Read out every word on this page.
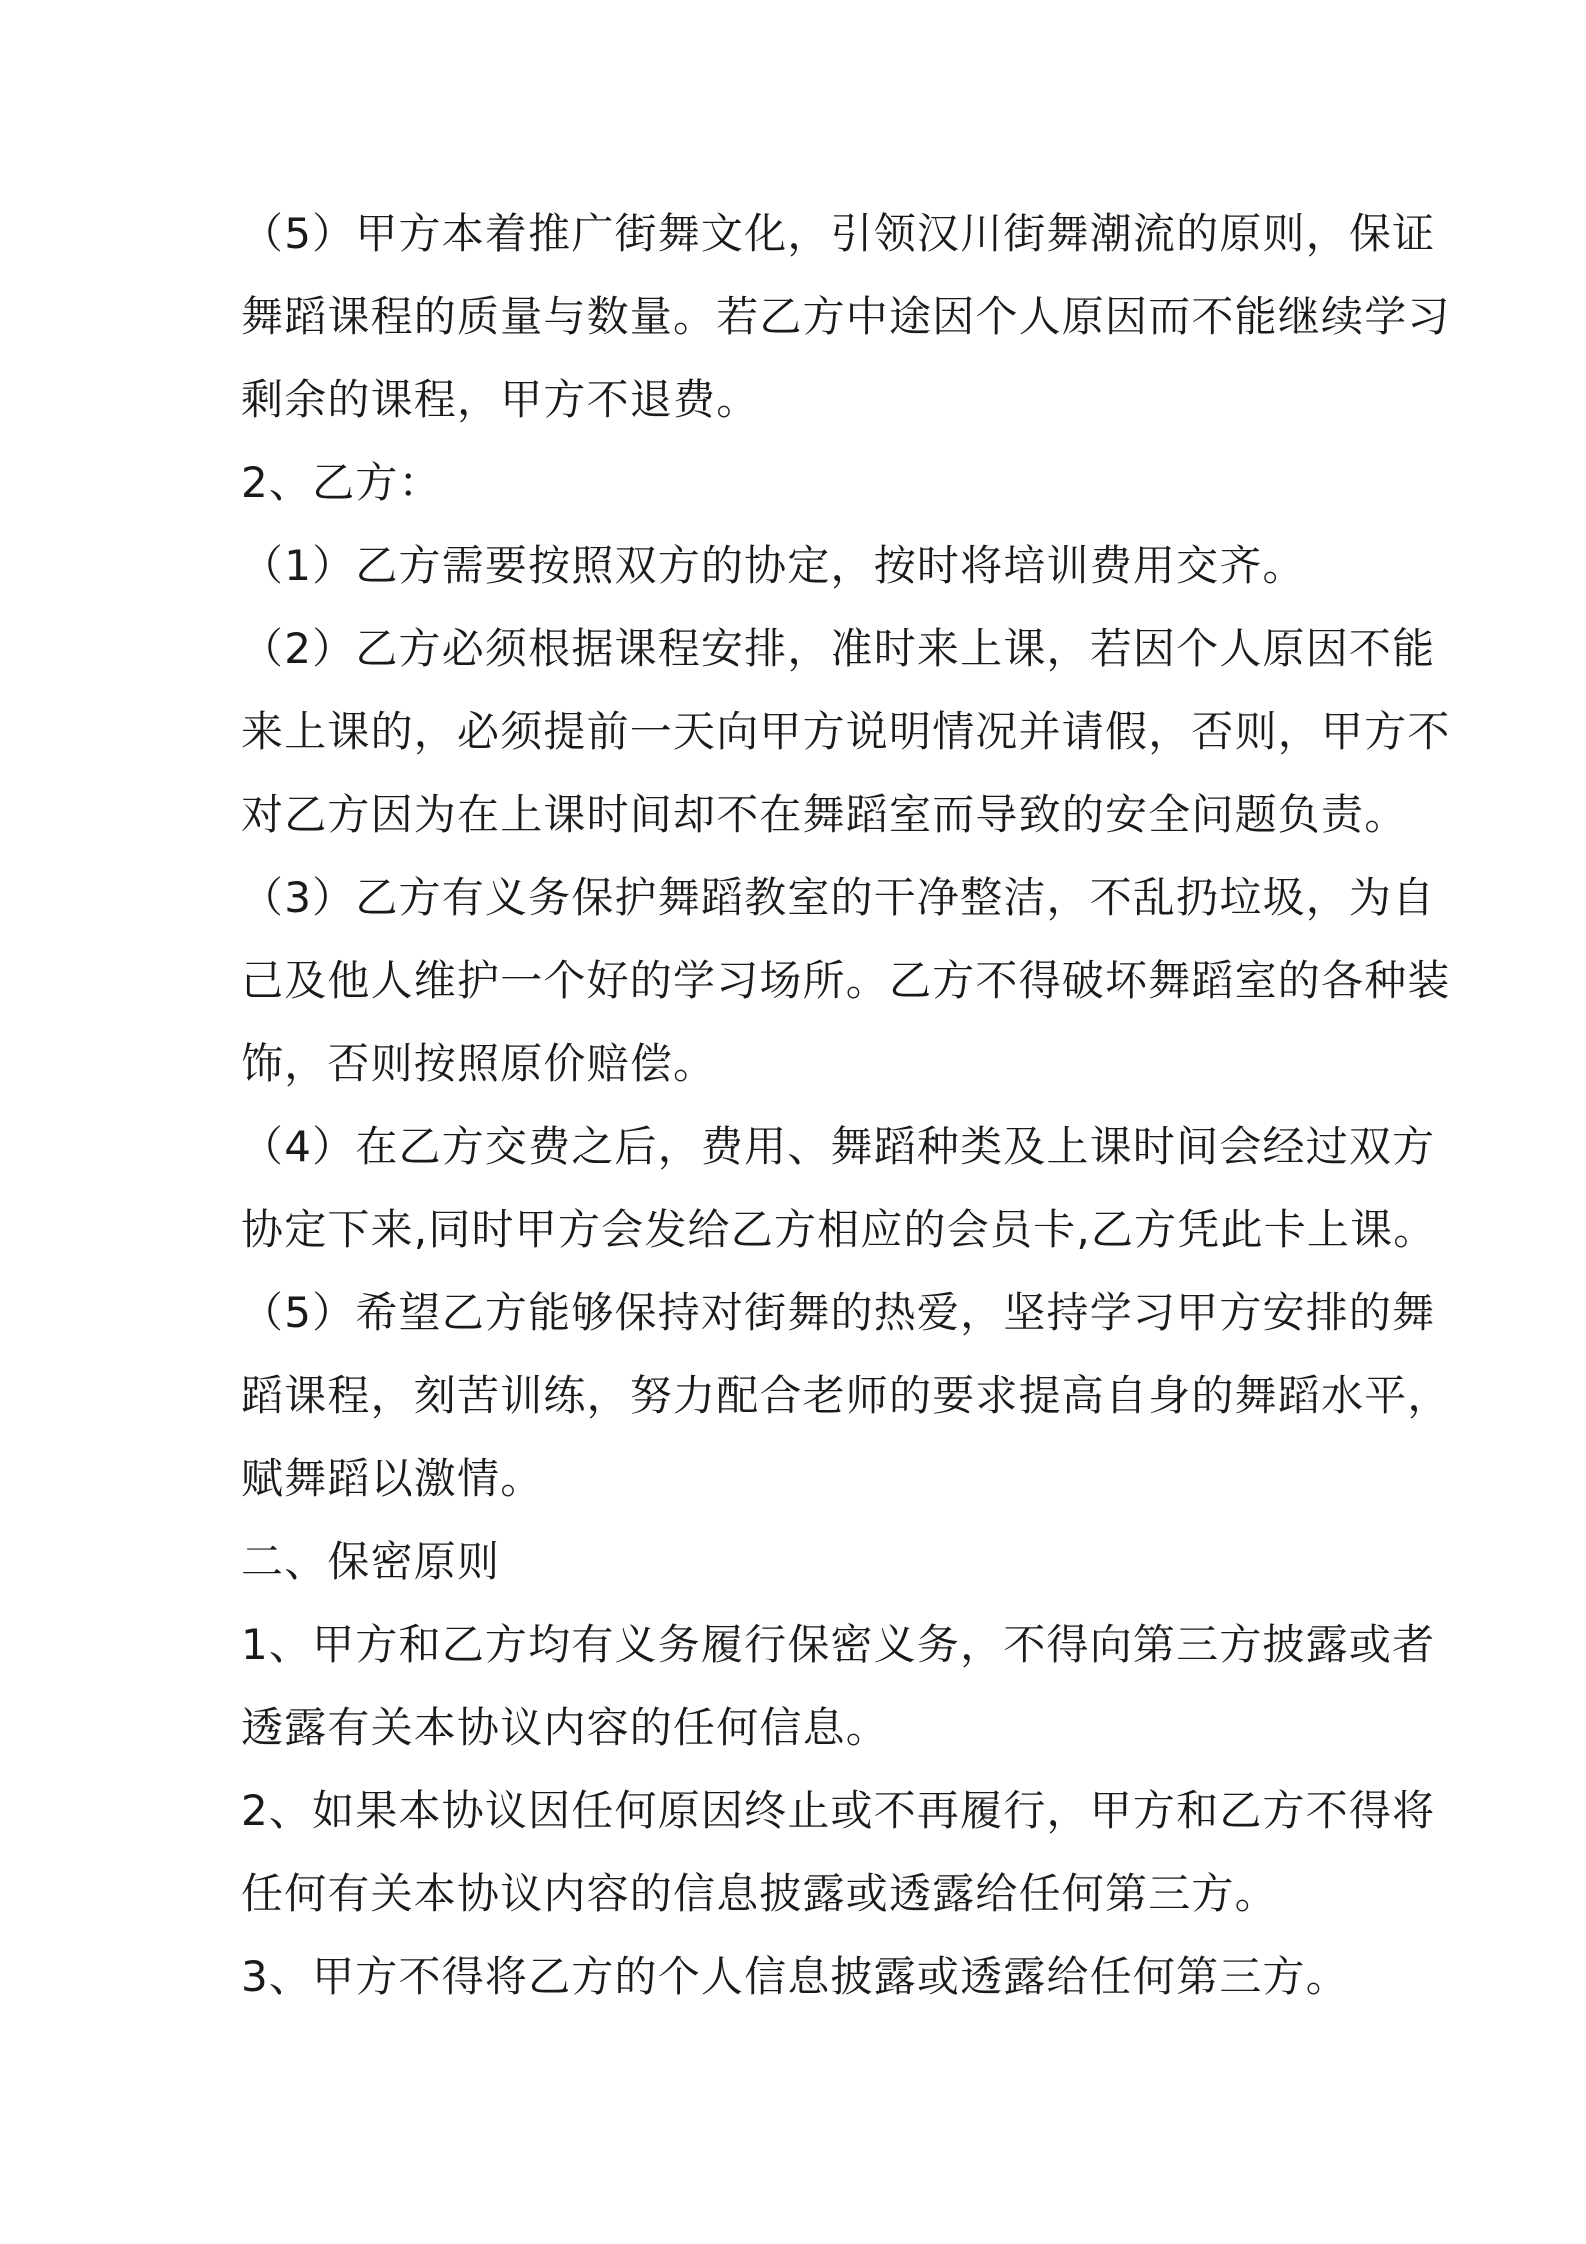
（5）甲方本着推广街舞文化，引领汉川街舞潮流的原则，保证
舞蹈课程的质量与数量。若乙方中途因个人原因而不能继续学习
剩余的课程，甲方不退费。
2、乙方：
（1）乙方需要按照双方的协定，按时将培训费用交齐。
（2）乙方必须根据课程安排，准时来上课，若因个人原因不能
来上课的，必须提前一天向甲方说明情况并请假，否则，甲方不
对乙方因为在上课时间却不在舞蹈室而导致的安全问题负责。
（3）乙方有义务保护舞蹈教室的干净整洁，不乱扔垃圾，为自
己及他人维护一个好的学习场所。乙方不得破坏舞蹈室的各种装
饰，否则按照原价赔偿。
（4）在乙方交费之后，费用、舞蹈种类及上课时间会经过双方
协定下来,同时甲方会发给乙方相应的会员卡,乙方凭此卡上课。
（5）希望乙方能够保持对街舞的热爱，坚持学习甲方安排的舞
蹈课程，刻苦训练，努力配合老师的要求提高自身的舞蹈水平，
赋舞蹈以激情。
二、保密原则
1、甲方和乙方均有义务履行保密义务，不得向第三方披露或者
透露有关本协议内容的任何信息。
2、如果本协议因任何原因终止或不再履行，甲方和乙方不得将
任何有关本协议内容的信息披露或透露给任何第三方。
3、甲方不得将乙方的个人信息披露或透露给任何第三方。
